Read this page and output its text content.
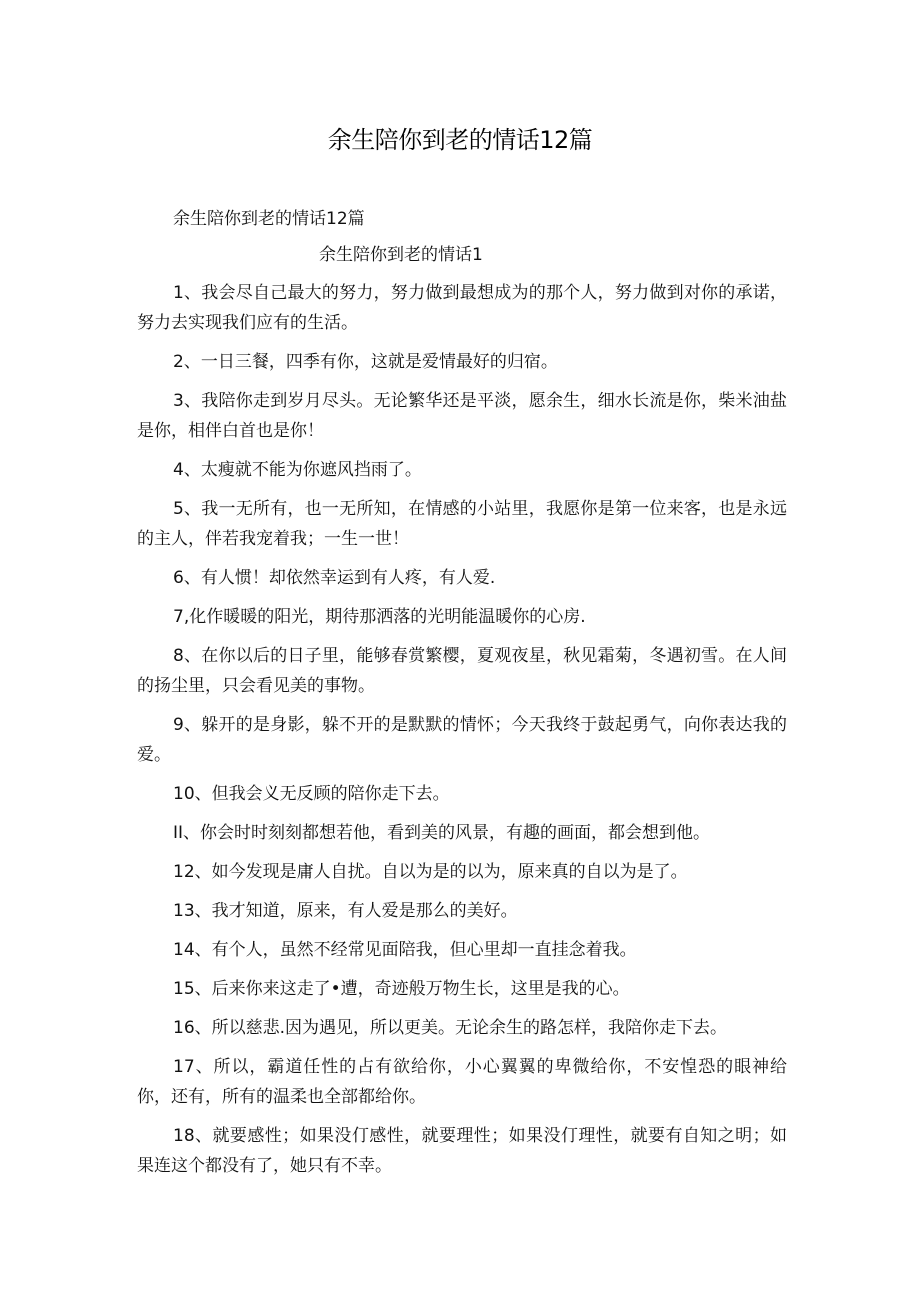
余生陪你到老的情话12篇
余生陪你到老的情话12篇
余生陪你到老的情话1

1、我会尽自己最大的努力，努力做到最想成为的那个人，努力做到对你的承诺，努力去实现我们应有的生活。

2、一日三餐，四季有你，这就是爱情最好的归宿。

3、我陪你走到岁月尽头。无论繁华还是平淡，愿余生，细水长流是你，柴米油盐是你，相伴白首也是你！

4、太瘦就不能为你遮风挡雨了。

5、我一无所有，也一无所知，在情感的小站里，我愿你是第一位来客，也是永远的主人，伴若我宠着我；一生一世！

6、有人惯！却依然幸运到有人疼，有人爱.

7,化作暖暖的阳光，期待那洒落的光明能温暖你的心房.

8、在你以后的日子里，能够春赏繁樱，夏观夜星，秋见霜菊，冬遇初雪。在人间的扬尘里，只会看见美的事物。

9、躲开的是身影，躲不开的是默默的情怀；今天我终于鼓起勇气，向你表达我的爱。

10、但我会义无反顾的陪你走下去。

II、你会时时刻刻都想若他，看到美的风景，有趣的画面，都会想到他。

12、如今发现是庸人自扰。自以为是的以为，原来真的自以为是了。

13、我才知道，原来，有人爱是那么的美好。

14、有个人，虽然不经常见面陪我，但心里却一直挂念着我。

15、后来你来这走了•遭，奇迹般万物生长，这里是我的心。

16、所以慈悲.因为遇见，所以更美。无论余生的路怎样，我陪你走下去。

17、所以，霸道任性的占有欲给你，小心翼翼的卑微给你，不安惶恐的眼神给你，还有，所有的温柔也全部都给你。

18、就要感性；如果没仃感性，就要理性；如果没仃理性，就要有自知之明；如果连这个都没有了，她只有不幸。
